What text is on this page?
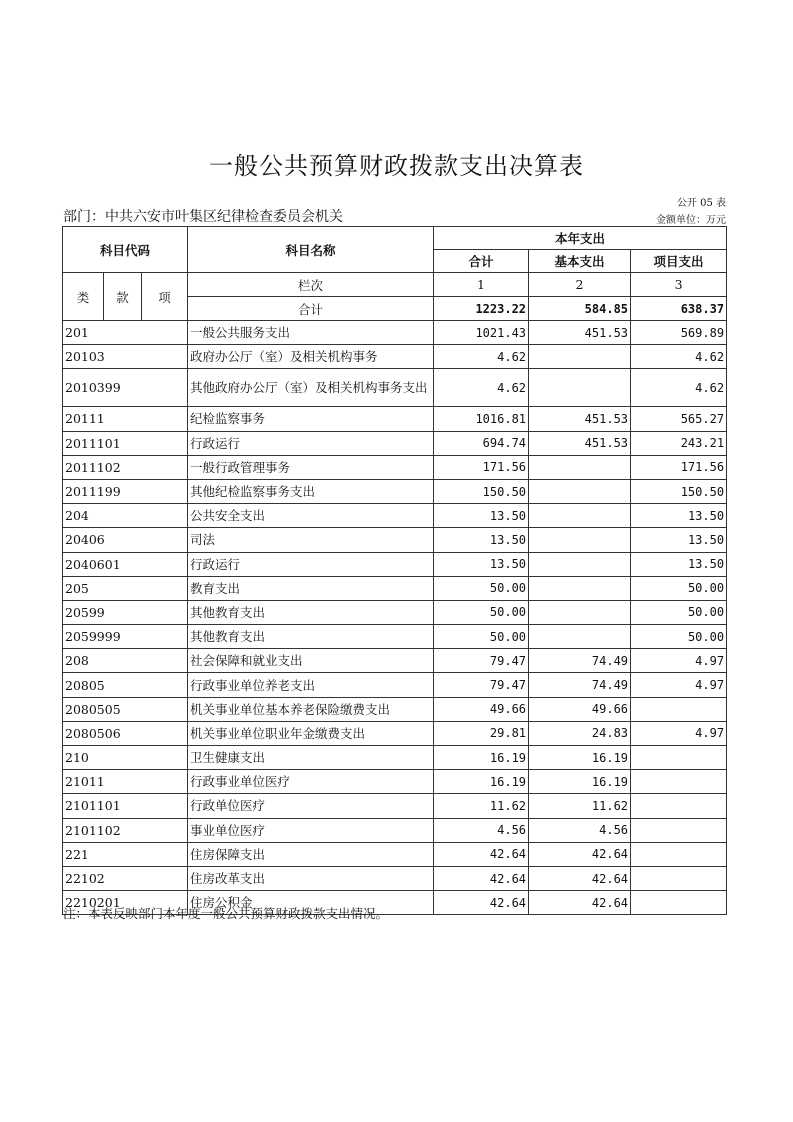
一般公共预算财政拨款支出决算表
公开 05 表
部门：中共六安市叶集区纪律检查委员会机关	金额单位：万元
科目代码			科目名称	本年支出		
				合计	基本支出	项目支出
类	款	项	栏次	1	2	3
			合计	1223.22	584.85	638.37
201			一般公共服务支出	1021.43	451.53	569.89
20103			政府办公厅（室）及相关机构事务	4.62		4.62
2010399			其他政府办公厅（室）及相关机构事务支出	4.62		4.62
20111			纪检监察事务	1016.81	451.53	565.27
2011101			行政运行	694.74	451.53	243.21
2011102			一般行政管理事务	171.56		171.56
2011199			其他纪检监察事务支出	150.50		150.50
204			公共安全支出	13.50		13.50
20406			司法	13.50		13.50
2040601			行政运行	13.50		13.50
205			教育支出	50.00		50.00
20599			其他教育支出	50.00		50.00
2059999			其他教育支出	50.00		50.00
208			社会保障和就业支出	79.47	74.49	4.97
20805			行政事业单位养老支出	79.47	74.49	4.97
2080505			机关事业单位基本养老保险缴费支出	49.66	49.66	
2080506			机关事业单位职业年金缴费支出	29.81	24.83	4.97
210			卫生健康支出	16.19	16.19	
21011			行政事业单位医疗	16.19	16.19	
2101101			行政单位医疗	11.62	11.62	
2101102			事业单位医疗	4.56	4.56	
221			住房保障支出	42.64	42.64	
22102			住房改革支出	42.64	42.64	
2210201			住房公积金	42.64	42.64	
注：本表反映部门本年度一般公共预算财政拨款支出情况。
